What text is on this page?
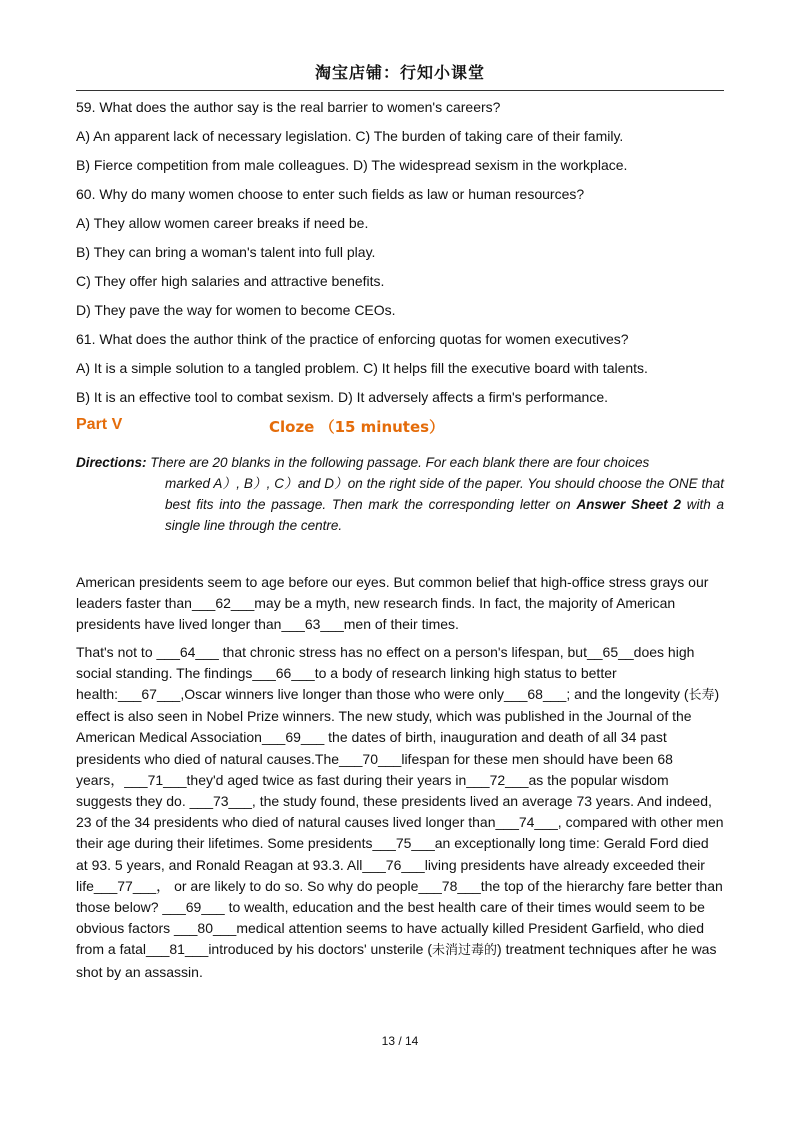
淘宝店铺：行知小课堂
59. What does the author say is the real barrier to women's careers?
A) An apparent lack of necessary legislation. C) The burden of taking care of their family.
B) Fierce competition from male colleagues. D) The widespread sexism in the workplace.
60. Why do many women choose to enter such fields as law or human resources?
A) They allow women career breaks if need be.
B) They can bring a woman's talent into full play.
C) They offer high salaries and attractive benefits.
D) They pave the way for women to become CEOs.
61. What does the author think of the practice of enforcing quotas for women executives?
A) It is a simple solution to a tangled problem. C) It helps fill the executive board with talents.
B) It is an effective tool to combat sexism. D) It adversely affects a firm's performance.
Part V	Cloze （15 minutes）
Directions: There are 20 blanks in the following passage. For each blank there are four choices
marked A）, B）, C）and D）on the right side of the paper. You should choose the ONE that best fits into the passage. Then mark the corresponding letter on Answer Sheet 2 with a single line through the centre.

American presidents seem to age before our eyes. But common belief that high-office stress grays our leaders faster than___62___may be a myth, new research finds. In fact, the majority of American presidents have lived longer than___63___men of their times.

That's not to ___64___ that chronic stress has no effect on a person's lifespan, but__65__does high social standing. The findings___66___to a body of research linking high status to better health:___67___,Oscar winners live longer than those who were only___68___; and the longevity (长寿) effect is also seen in Nobel Prize winners. The new study, which was published in the Journal of the American Medical Association___69___ the dates of birth, inauguration and death of all 34 past presidents who died of natural causes.The___70___lifespan for these men should have been 68 years，___71___they'd aged twice as fast during their years in___72___as the popular wisdom suggests they do. ___73___, the study found, these presidents lived an average 73 years. And indeed, 23 of the 34 presidents who died of natural causes lived longer than___74___, compared with other men their age during their lifetimes. Some presidents___75___an exceptionally long time: Gerald Ford died at 93. 5 years, and Ronald Reagan at 93.3. All___76___living presidents have already exceeded their life___77___， or are likely to do so. So why do people___78___the top of the hierarchy fare better than those below? ___69___ to wealth, education and the best health care of their times would seem to be obvious factors ___80___medical attention seems to have actually killed President Garfield, who died from a fatal___81___introduced by his doctors' unsterile (未消过毒的) treatment techniques after he was shot by an assassin.

13 / 14
